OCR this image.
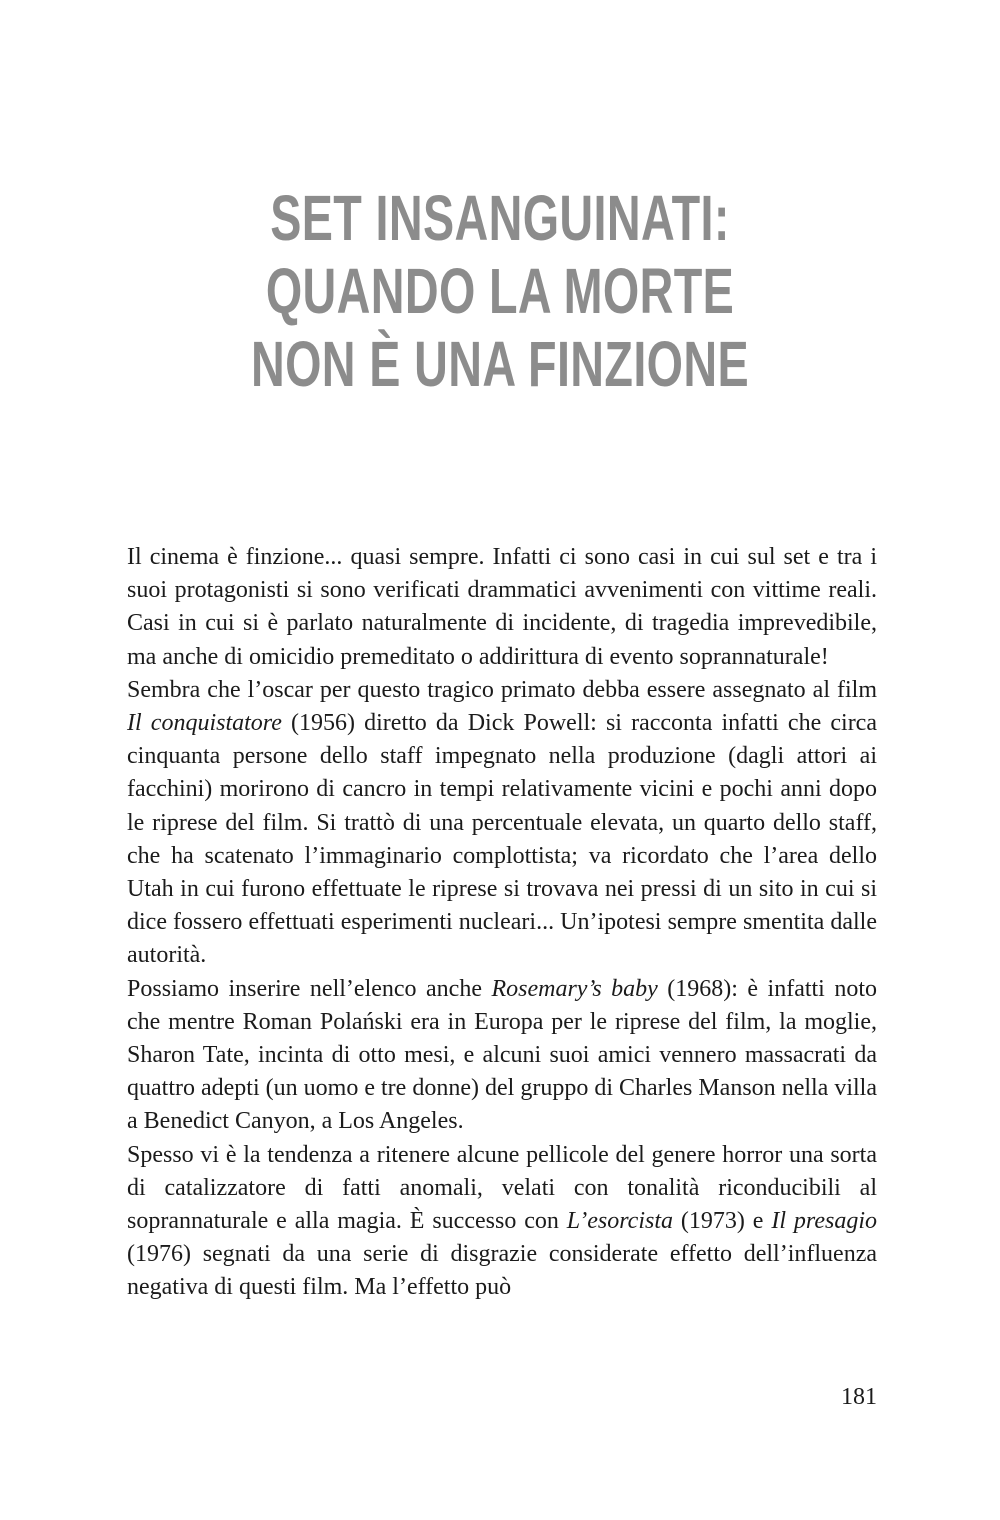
SET INSANGUINATI:
QUANDO LA MORTE
NON È UNA FINZIONE

Il cinema è finzione... quasi sempre. Infatti ci sono casi in cui sul set e tra i suoi protagonisti si sono verificati drammatici avvenimenti con vittime reali. Casi in cui si è parlato naturalmente di incidente, di tragedia imprevedibile, ma anche di omicidio premeditato o addirittura di evento soprannaturale!

Sembra che l’oscar per questo tragico primato debba essere assegnato al film Il conquistatore (1956) diretto da Dick Powell: si racconta infatti che circa cinquanta persone dello staff impegnato nella produzione (dagli attori ai facchini) morirono di cancro in tempi relativamente vicini e pochi anni dopo le riprese del film. Si trattò di una percentuale elevata, un quarto dello staff, che ha scatenato l’immaginario complottista; va ricordato che l’area dello Utah in cui furono effettuate le riprese si trovava nei pressi di un sito in cui si dice fossero effettuati esperimenti nucleari... Un’ipotesi sempre smentita dalle autorità.

Possiamo inserire nell’elenco anche Rosemary’s baby (1968): è infatti noto che mentre Roman Polański era in Europa per le riprese del film, la moglie, Sharon Tate, incinta di otto mesi, e alcuni suoi amici vennero massacrati da quattro adepti (un uomo e tre donne) del gruppo di Charles Manson nella villa a Benedict Canyon, a Los Angeles.

Spesso vi è la tendenza a ritenere alcune pellicole del genere horror una sorta di catalizzatore di fatti anomali, velati con tonalità riconducibili al soprannaturale e alla magia. È successo con L’esorcista (1973) e Il presagio (1976) segnati da una serie di disgrazie considerate effetto dell’influenza negativa di questi film. Ma l’effetto può

181
